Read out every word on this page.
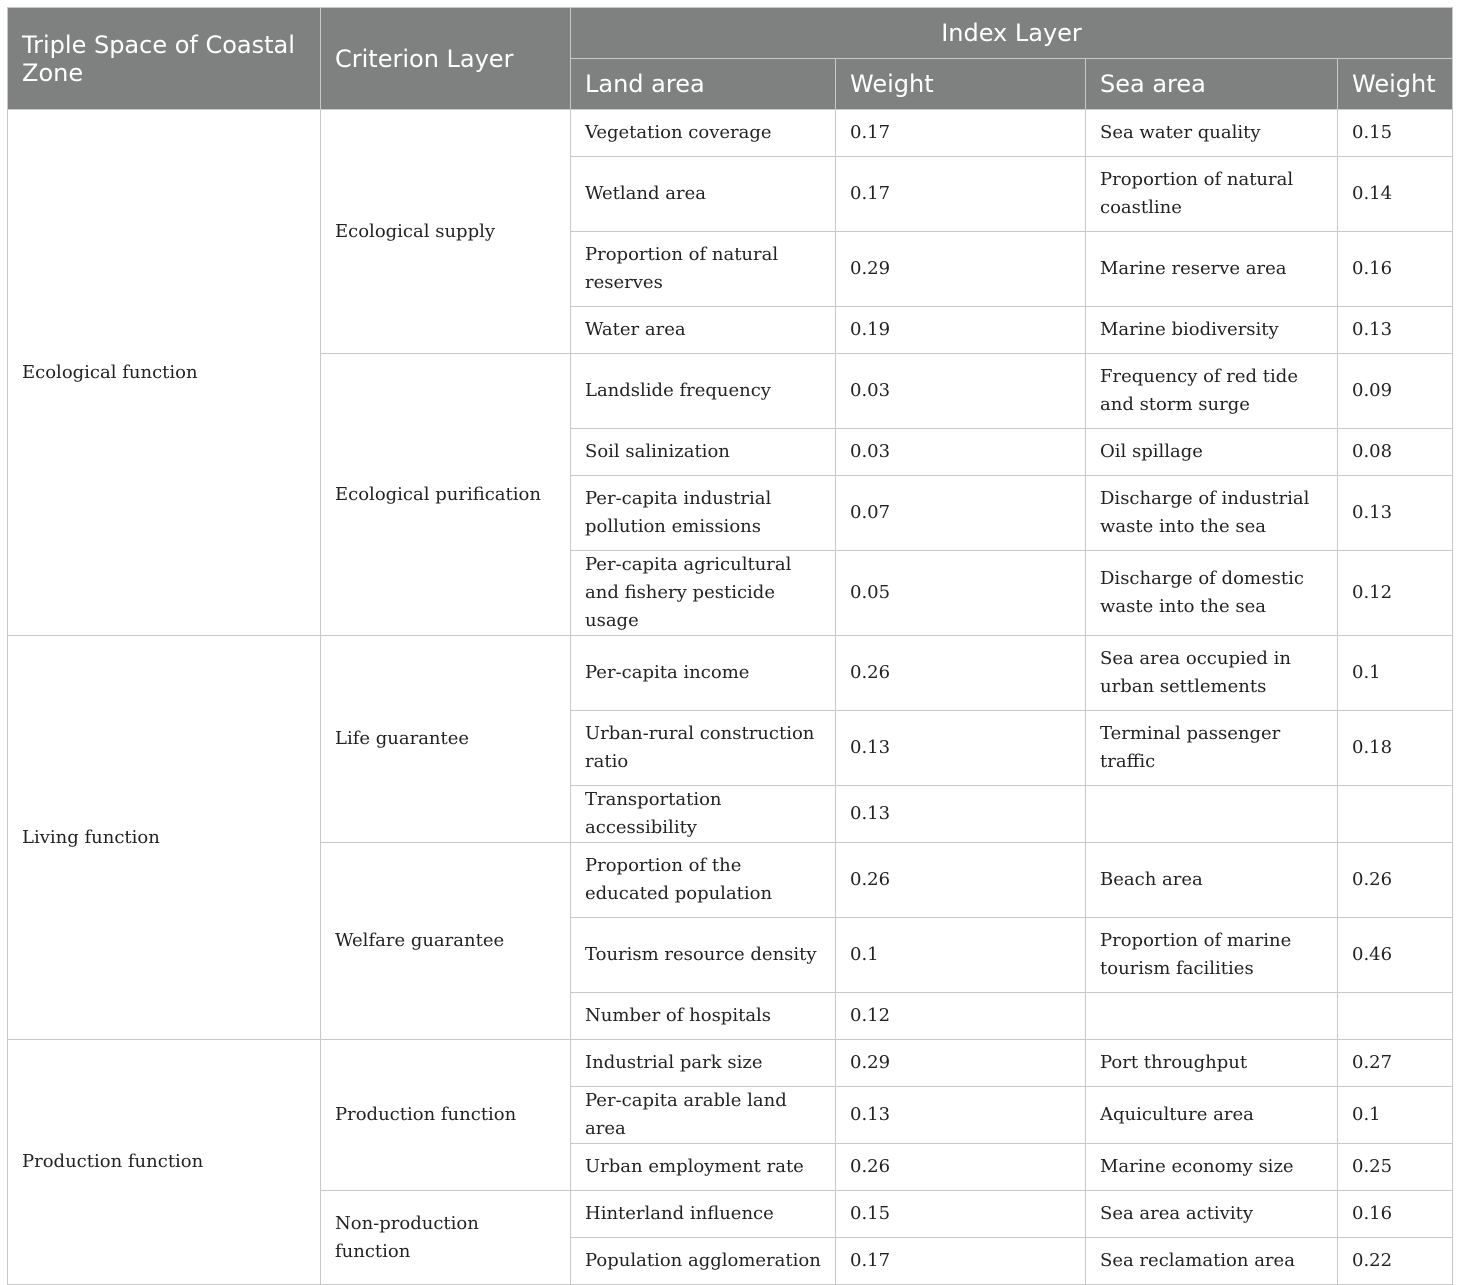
Triple Space of Coastal Zone	Criterion Layer	Index Layer			
		Land area	Weight	Sea area	Weight
Ecological function	Ecological supply	Vegetation coverage	0.17	Sea water quality	0.15
		Wetland area	0.17	Proportion of natural coastline	0.14
		Proportion of natural reserves	0.29	Marine reserve area	0.16
		Water area	0.19	Marine biodiversity	0.13
	Ecological purification	Landslide frequency	0.03	Frequency of red tide and storm surge	0.09
		Soil salinization	0.03	Oil spillage	0.08
		Per-capita industrial pollution emissions	0.07	Discharge of industrial waste into the sea	0.13
		Per-capita agricultural and fishery pesticide usage	0.05	Discharge of domestic waste into the sea	0.12
Living function	Life guarantee	Per-capita income	0.26	Sea area occupied in urban settlements	0.1
		Urban-rural construction ratio	0.13	Terminal passenger traffic	0.18
		Transportation accessibility	0.13		
	Welfare guarantee	Proportion of the educated population	0.26	Beach area	0.26
		Tourism resource density	0.1	Proportion of marine tourism facilities	0.46
		Number of hospitals	0.12		
Production function	Production function	Industrial park size	0.29	Port throughput	0.27
		Per-capita arable land area	0.13	Aquiculture area	0.1
		Urban employment rate	0.26	Marine economy size	0.25
	Non-production function	Hinterland influence	0.15	Sea area activity	0.16
		Population agglomeration	0.17	Sea reclamation area	0.22
